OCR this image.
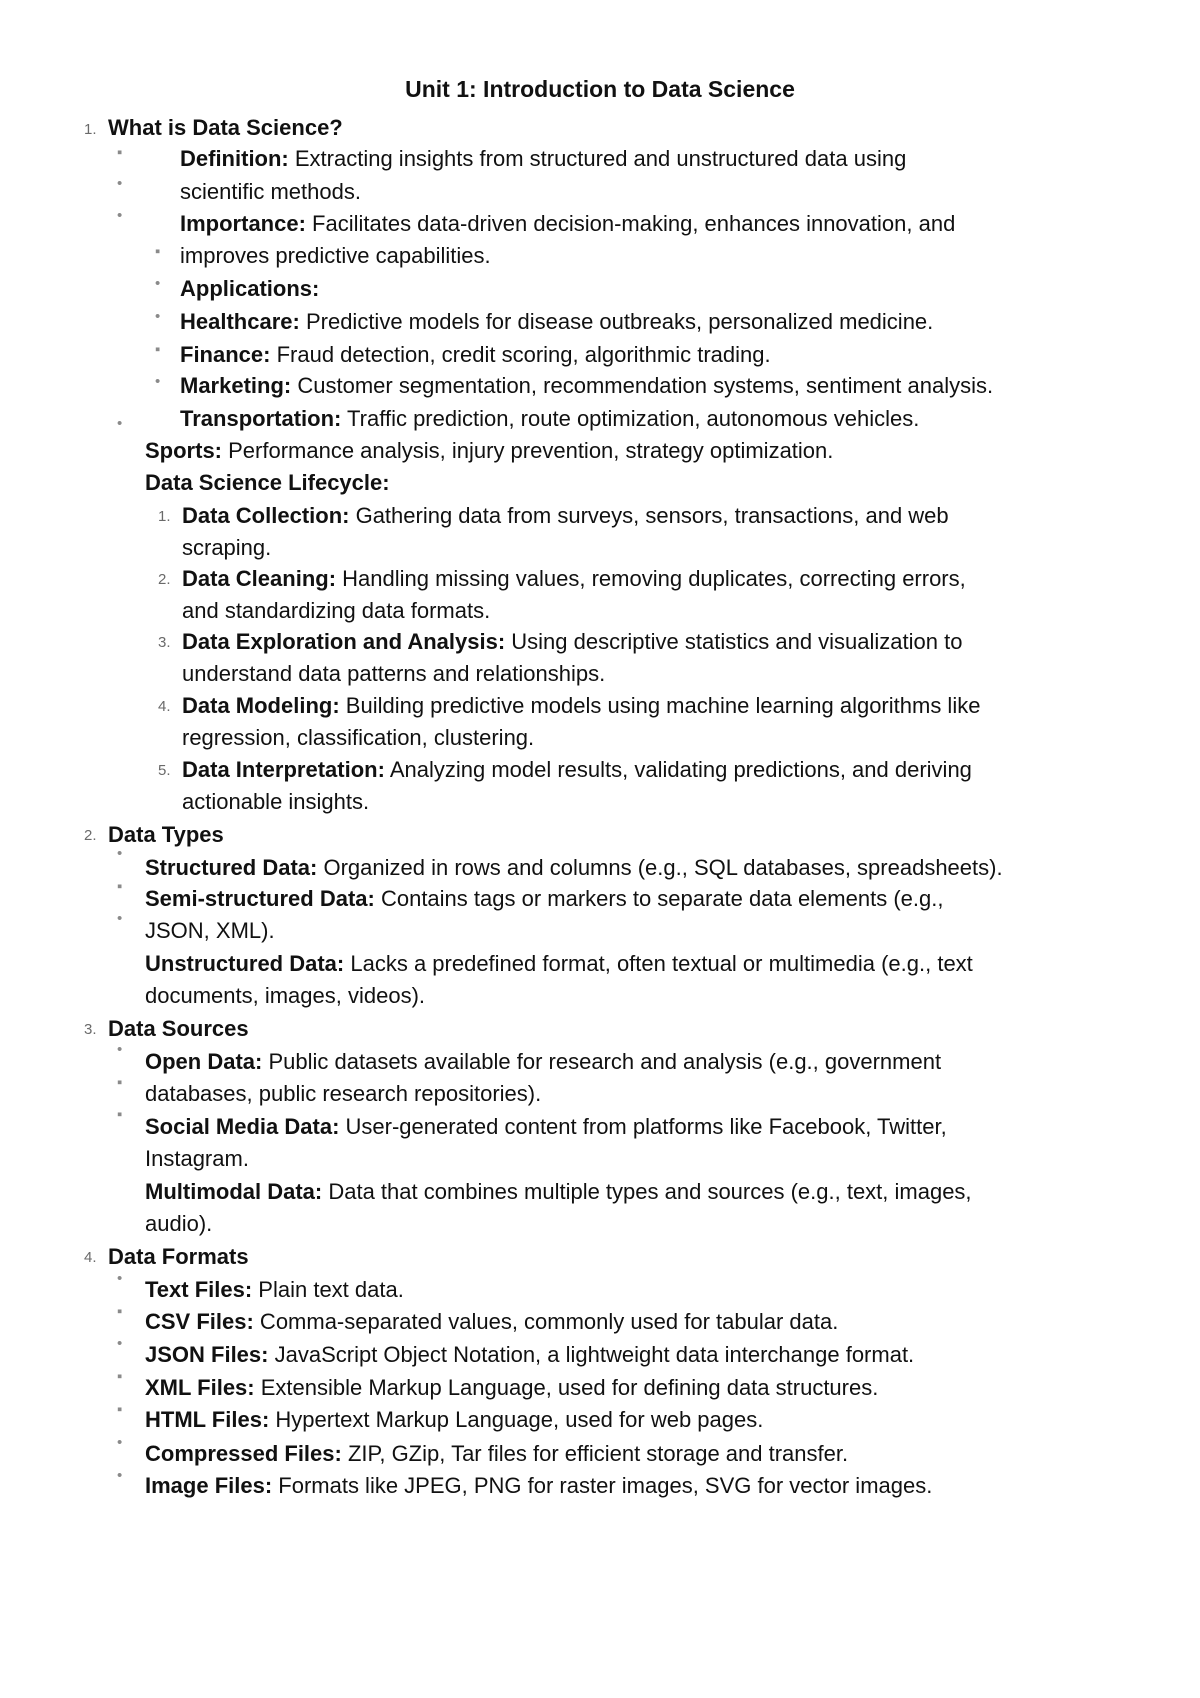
Unit 1: Introduction to Data Science
1. What is Data Science?
▪
•
•
Definition: Extracting insights from structured and unstructured data using
scientific methods.
Importance: Facilitates data-driven decision-making, enhances innovation, and
▪ improves predictive capabilities.
• Applications:
• Healthcare: Predictive models for disease outbreaks, personalized medicine.
▪ Finance: Fraud detection, credit scoring, algorithmic trading.
• Marketing: Customer segmentation, recommendation systems, sentiment analysis.
•	Transportation: Traffic prediction, route optimization, autonomous vehicles.
Sports: Performance analysis, injury prevention, strategy optimization.
Data Science Lifecycle:
1. Data Collection: Gathering data from surveys, sensors, transactions, and web
scraping.
2. Data Cleaning: Handling missing values, removing duplicates, correcting errors,
and standardizing data formats.
3. Data Exploration and Analysis: Using descriptive statistics and visualization to
understand data patterns and relationships.
4. Data Modeling: Building predictive models using machine learning algorithms like
regression, classification, clustering.
5. Data Interpretation: Analyzing model results, validating predictions, and deriving
actionable insights.
2. Data Types
•
Structured Data: Organized in rows and columns (e.g., SQL databases, spreadsheets).
▪ Semi-structured Data: Contains tags or markers to separate data elements (e.g.,
• JSON, XML).
Unstructured Data: Lacks a predefined format, often textual or multimedia (e.g., text
documents, images, videos).
3. Data Sources
• Open Data: Public datasets available for research and analysis (e.g., government
▪ databases, public research repositories).
▪ Social Media Data: User-generated content from platforms like Facebook, Twitter,
Instagram.
Multimodal Data: Data that combines multiple types and sources (e.g., text, images,
audio).
4. Data Formats
• Text Files: Plain text data.
▪ CSV Files: Comma-separated values, commonly used for tabular data.
• JSON Files: JavaScript Object Notation, a lightweight data interchange format.
▪ XML Files: Extensible Markup Language, used for defining data structures.
▪ HTML Files: Hypertext Markup Language, used for web pages.
• Compressed Files: ZIP, GZip, Tar files for efficient storage and transfer.
• Image Files: Formats like JPEG, PNG for raster images, SVG for vector images.
